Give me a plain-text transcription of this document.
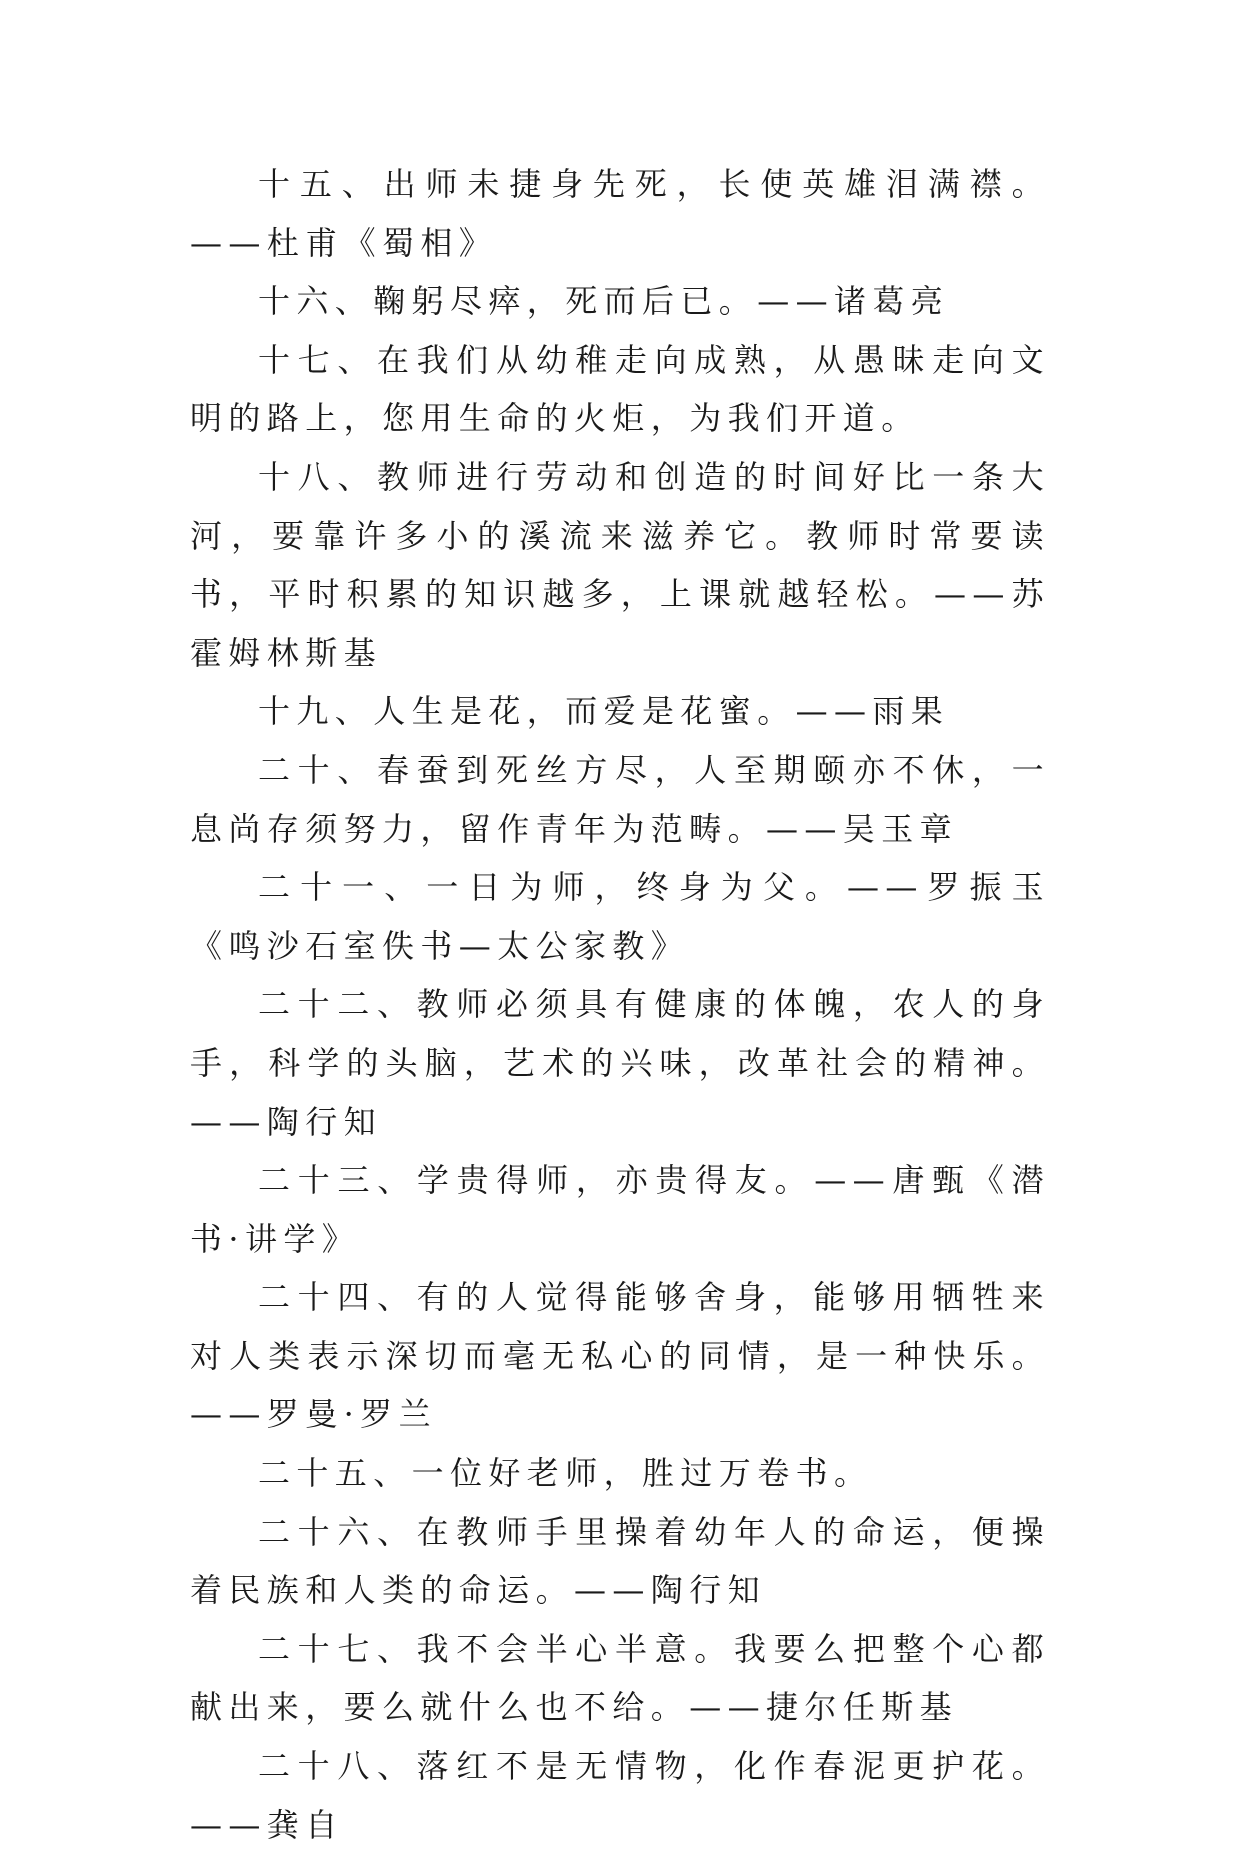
十五、出师未捷身先死，长使英雄泪满襟。——杜甫《蜀相》

十六、鞠躬尽瘁，死而后已。——诸葛亮

十七、在我们从幼稚走向成熟，从愚昧走向文明的路上，您用生命的火炬，为我们开道。

十八、教师进行劳动和创造的时间好比一条大河，要靠许多小的溪流来滋养它。教师时常要读书，平时积累的知识越多，上课就越轻松。——苏霍姆林斯基

十九、人生是花，而爱是花蜜。——雨果

二十、春蚕到死丝方尽，人至期颐亦不休，一息尚存须努力，留作青年为范畴。——吴玉章

二十一、一日为师，终身为父。——罗振玉《鸣沙石室佚书—太公家教》

二十二、教师必须具有健康的体魄，农人的身手，科学的头脑，艺术的兴味，改革社会的精神。——陶行知

二十三、学贵得师，亦贵得友。——唐甄《潜书·讲学》

二十四、有的人觉得能够舍身，能够用牺牲来对人类表示深切而毫无私心的同情，是一种快乐。——罗曼·罗兰

二十五、一位好老师，胜过万卷书。

二十六、在教师手里操着幼年人的命运，便操着民族和人类的命运。——陶行知

二十七、我不会半心半意。我要么把整个心都献出来，要么就什么也不给。——捷尔任斯基

二十八、落红不是无情物，化作春泥更护花。——龚自
